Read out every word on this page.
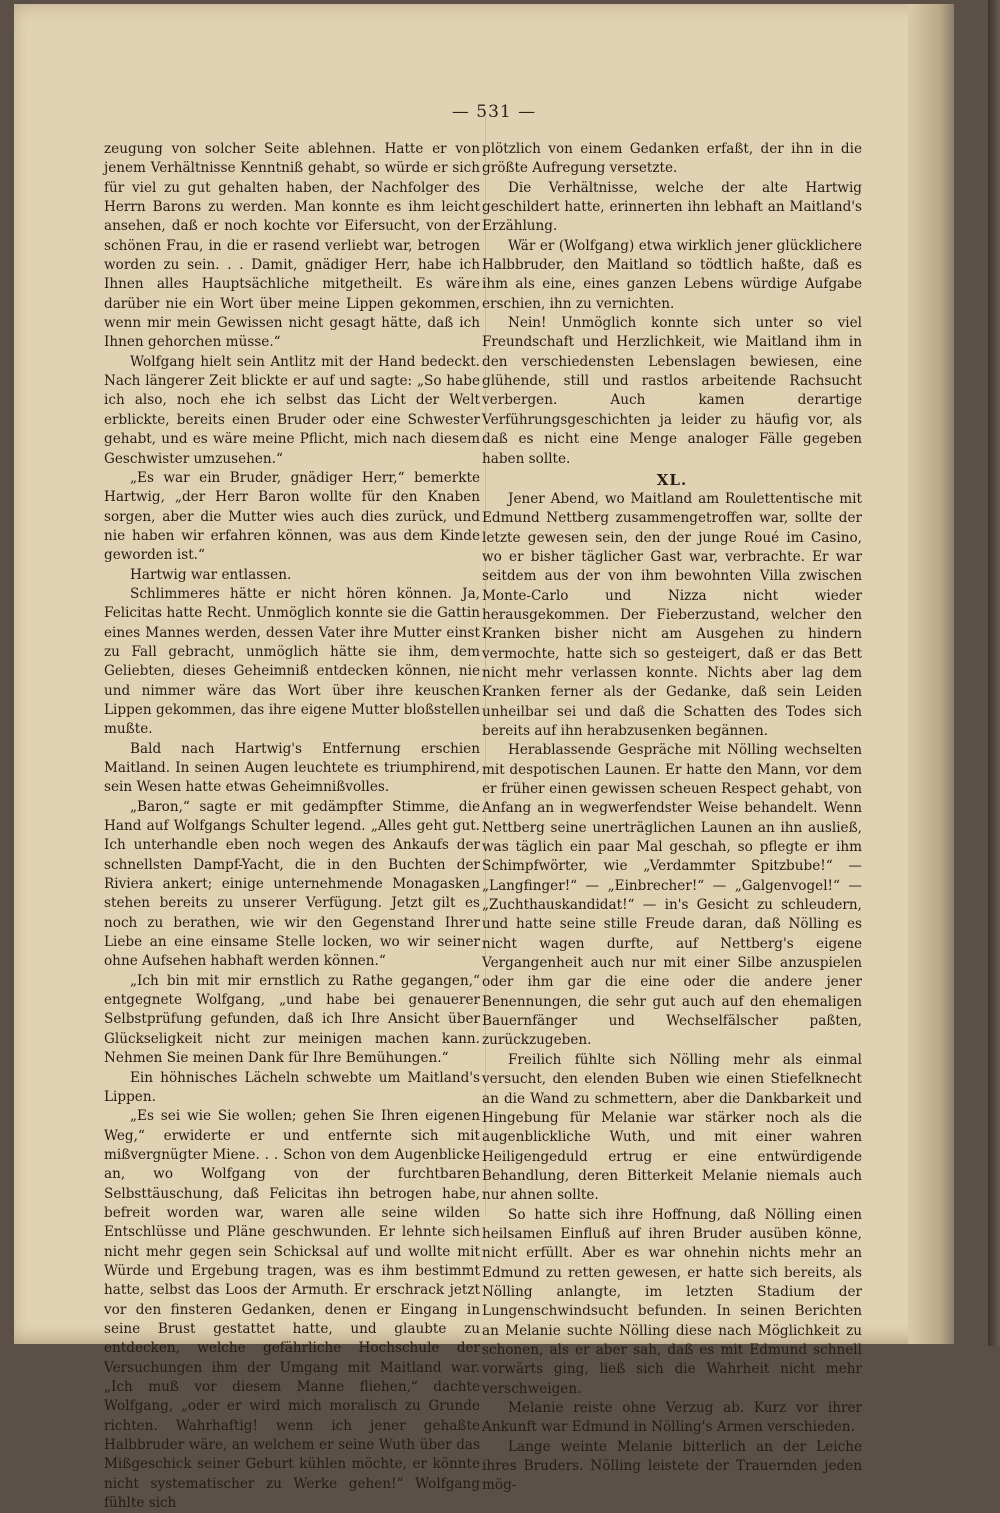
— 531 —

zeugung von solcher Seite ablehnen. Hatte er von jenem Verhältnisse Kenntniß gehabt, so würde er sich für viel zu gut gehalten haben, der Nachfolger des Herrn Barons zu werden. Man konnte es ihm leicht ansehen, daß er noch kochte vor Eifersucht, von der schönen Frau, in die er rasend verliebt war, betrogen worden zu sein. . . Damit, gnädiger Herr, habe ich Ihnen alles Hauptsächliche mitgetheilt. Es wäre darüber nie ein Wort über meine Lippen gekommen, wenn mir mein Gewissen nicht gesagt hätte, daß ich Ihnen gehorchen müsse.“

Wolfgang hielt sein Antlitz mit der Hand bedeckt. Nach längerer Zeit blickte er auf und sagte: „So habe ich also, noch ehe ich selbst das Licht der Welt erblickte, bereits einen Bruder oder eine Schwester gehabt, und es wäre meine Pflicht, mich nach diesem Geschwister umzusehen.“

„Es war ein Bruder, gnädiger Herr,“ bemerkte Hartwig, „der Herr Baron wollte für den Knaben sorgen, aber die Mutter wies auch dies zurück, und nie haben wir erfahren können, was aus dem Kinde geworden ist.“

Hartwig war entlassen.

Schlimmeres hätte er nicht hören können. Ja, Felicitas hatte Recht. Unmöglich konnte sie die Gattin eines Mannes werden, dessen Vater ihre Mutter einst zu Fall gebracht, unmöglich hätte sie ihm, dem Geliebten, dieses Geheimniß entdecken können, nie und nimmer wäre das Wort über ihre keuschen Lippen gekommen, das ihre eigene Mutter bloßstellen mußte.

Bald nach Hartwig's Entfernung erschien Maitland. In seinen Augen leuchtete es triumphirend, sein Wesen hatte etwas Geheimnißvolles.

„Baron,“ sagte er mit gedämpfter Stimme, die Hand auf Wolfgangs Schulter legend. „Alles geht gut. Ich unterhandle eben noch wegen des Ankaufs der schnellsten Dampf-Yacht, die in den Buchten der Riviera ankert; einige unternehmende Monagasken stehen bereits zu unserer Verfügung. Jetzt gilt es noch zu berathen, wie wir den Gegenstand Ihrer Liebe an eine einsame Stelle locken, wo wir seiner ohne Aufsehen habhaft werden können.“

„Ich bin mit mir ernstlich zu Rathe gegangen,“ entgegnete Wolfgang, „und habe bei genauerer Selbstprüfung gefunden, daß ich Ihre Ansicht über Glückseligkeit nicht zur meinigen machen kann. Nehmen Sie meinen Dank für Ihre Bemühungen.“

Ein höhnisches Lächeln schwebte um Maitland's Lippen.

„Es sei wie Sie wollen; gehen Sie Ihren eigenen Weg,“ erwiderte er und entfernte sich mit mißvergnügter Miene. . . Schon von dem Augenblicke an, wo Wolfgang von der furchtbaren Selbsttäuschung, daß Felicitas ihn betrogen habe, befreit worden war, waren alle seine wilden Entschlüsse und Pläne geschwunden. Er lehnte sich nicht mehr gegen sein Schicksal auf und wollte mit Würde und Ergebung tragen, was es ihm bestimmt hatte, selbst das Loos der Armuth. Er erschrack jetzt vor den finsteren Gedanken, denen er Eingang in seine Brust gestattet hatte, und glaubte zu entdecken, welche gefährliche Hochschule der Versuchungen ihm der Umgang mit Maitland war. „Ich muß vor diesem Manne fliehen,“ dachte Wolfgang, „oder er wird mich moralisch zu Grunde richten. Wahrhaftig! wenn ich jener gehaßte Halbbruder wäre, an welchem er seine Wuth über das Mißgeschick seiner Geburt kühlen möchte, er könnte nicht systematischer zu Werke gehen!“ Wolfgang fühlte sich

plötzlich von einem Gedanken erfaßt, der ihn in die größte Aufregung versetzte.

Die Verhältnisse, welche der alte Hartwig geschildert hatte, erinnerten ihn lebhaft an Maitland's Erzählung.

Wär er (Wolfgang) etwa wirklich jener glücklichere Halbbruder, den Maitland so tödtlich haßte, daß es ihm als eine, eines ganzen Lebens würdige Aufgabe erschien, ihn zu vernichten.

Nein! Unmöglich konnte sich unter so viel Freundschaft und Herzlichkeit, wie Maitland ihm in den verschiedensten Lebenslagen bewiesen, eine glühende, still und rastlos arbeitende Rachsucht verbergen. Auch kamen derartige Verführungsgeschichten ja leider zu häufig vor, als daß es nicht eine Menge analoger Fälle gegeben haben sollte.

XL.

Jener Abend, wo Maitland am Roulettentische mit Edmund Nettberg zusammengetroffen war, sollte der letzte gewesen sein, den der junge Roué im Casino, wo er bisher täglicher Gast war, verbrachte. Er war seitdem aus der von ihm bewohnten Villa zwischen Monte-Carlo und Nizza nicht wieder herausgekommen. Der Fieberzustand, welcher den Kranken bisher nicht am Ausgehen zu hindern vermochte, hatte sich so gesteigert, daß er das Bett nicht mehr verlassen konnte. Nichts aber lag dem Kranken ferner als der Gedanke, daß sein Leiden unheilbar sei und daß die Schatten des Todes sich bereits auf ihn herabzusenken begännen.

Herablassende Gespräche mit Nölling wechselten mit despotischen Launen. Er hatte den Mann, vor dem er früher einen gewissen scheuen Respect gehabt, von Anfang an in wegwerfendster Weise behandelt. Wenn Nettberg seine unerträglichen Launen an ihn ausließ, was täglich ein paar Mal geschah, so pflegte er ihm Schimpfwörter, wie „Verdammter Spitzbube!“ — „Langfinger!“ — „Einbrecher!“ — „Galgenvogel!“ — „Zuchthauskandidat!“ — in's Gesicht zu schleudern, und hatte seine stille Freude daran, daß Nölling es nicht wagen durfte, auf Nettberg's eigene Vergangenheit auch nur mit einer Silbe anzuspielen oder ihm gar die eine oder die andere jener Benennungen, die sehr gut auch auf den ehemaligen Bauernfänger und Wechselfälscher paßten, zurückzugeben.

Freilich fühlte sich Nölling mehr als einmal versucht, den elenden Buben wie einen Stiefelknecht an die Wand zu schmettern, aber die Dankbarkeit und Hingebung für Melanie war stärker noch als die augenblickliche Wuth, und mit einer wahren Heiligengeduld ertrug er eine entwürdigende Behandlung, deren Bitterkeit Melanie niemals auch nur ahnen sollte.

So hatte sich ihre Hoffnung, daß Nölling einen heilsamen Einfluß auf ihren Bruder ausüben könne, nicht erfüllt. Aber es war ohnehin nichts mehr an Edmund zu retten gewesen, er hatte sich bereits, als Nölling anlangte, im letzten Stadium der Lungenschwindsucht befunden. In seinen Berichten an Melanie suchte Nölling diese nach Möglichkeit zu schonen, als er aber sah, daß es mit Edmund schnell vorwärts ging, ließ sich die Wahrheit nicht mehr verschweigen.

Melanie reiste ohne Verzug ab. Kurz vor ihrer Ankunft war Edmund in Nölling's Armen verschieden.

Lange weinte Melanie bitterlich an der Leiche ihres Bruders. Nölling leistete der Trauernden jeden mög-
